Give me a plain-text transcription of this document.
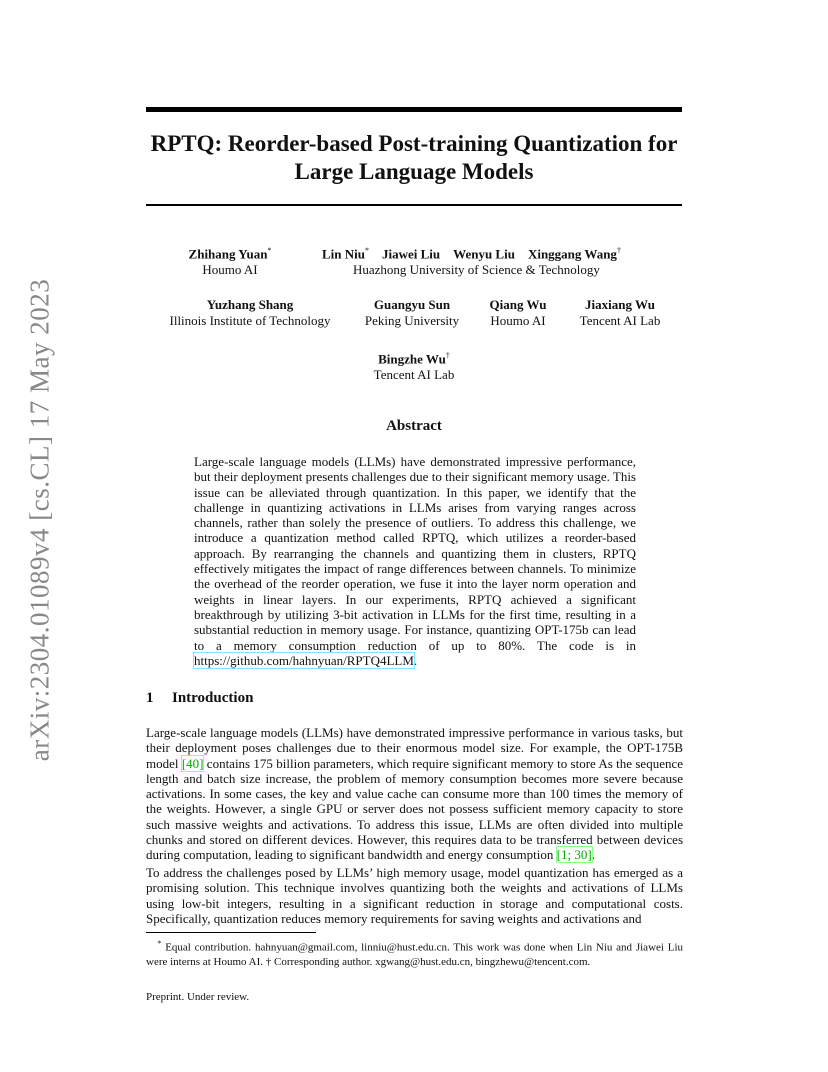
arXiv:2304.01089v4 [cs.CL] 17 May 2023
RPTQ: Reorder-based Post-training Quantization for
Large Language Models
Zhihang Yuan*
Houmo AI
Lin Niu* Jiawei Liu Wenyu Liu Xinggang Wang†
Huazhong University of Science & Technology
Yuzhang Shang
Illinois Institute of Technology
Guangyu Sun
Peking University
Qiang Wu
Houmo AI
Jiaxiang Wu
Tencent AI Lab
Bingzhe Wu†
Tencent AI Lab
Abstract
Large-scale language models (LLMs) have demonstrated impressive performance, but their deployment presents challenges due to their significant memory usage. This issue can be alleviated through quantization. In this paper, we identify that the challenge in quantizing activations in LLMs arises from varying ranges across channels, rather than solely the presence of outliers. To address this challenge, we introduce a quantization method called RPTQ, which utilizes a reorder-based approach. By rearranging the channels and quantizing them in clusters, RPTQ effectively mitigates the impact of range differences between channels. To minimize the overhead of the reorder operation, we fuse it into the layer norm operation and weights in linear layers. In our experiments, RPTQ achieved a significant breakthrough by utilizing 3-bit activation in LLMs for the first time, resulting in a substantial reduction in memory usage. For instance, quantizing OPT-175b can lead to a memory consumption reduction of up to 80%. The code is in https://github.com/hahnyuan/RPTQ4LLM.
1 Introduction
Large-scale language models (LLMs) have demonstrated impressive performance in various tasks, but their deployment poses challenges due to their enormous model size. For example, the OPT-175B model [40] contains 175 billion parameters, which require significant memory to store As the sequence length and batch size increase, the problem of memory consumption becomes more severe because activations. In some cases, the key and value cache can consume more than 100 times the memory of the weights. However, a single GPU or server does not possess sufficient memory capacity to store such massive weights and activations. To address this issue, LLMs are often divided into multiple chunks and stored on different devices. However, this requires data to be transferred between devices during computation, leading to significant bandwidth and energy consumption [1; 30].
To address the challenges posed by LLMs’ high memory usage, model quantization has emerged as a promising solution. This technique involves quantizing both the weights and activations of LLMs using low-bit integers, resulting in a significant reduction in storage and computational costs. Specifically, quantization reduces memory requirements for saving weights and activations and
* Equal contribution. hahnyuan@gmail.com, linniu@hust.edu.cn. This work was done when Lin Niu and Jiawei Liu were interns at Houmo AI. † Corresponding author. xgwang@hust.edu.cn, bingzhewu@tencent.com.
Preprint. Under review.
